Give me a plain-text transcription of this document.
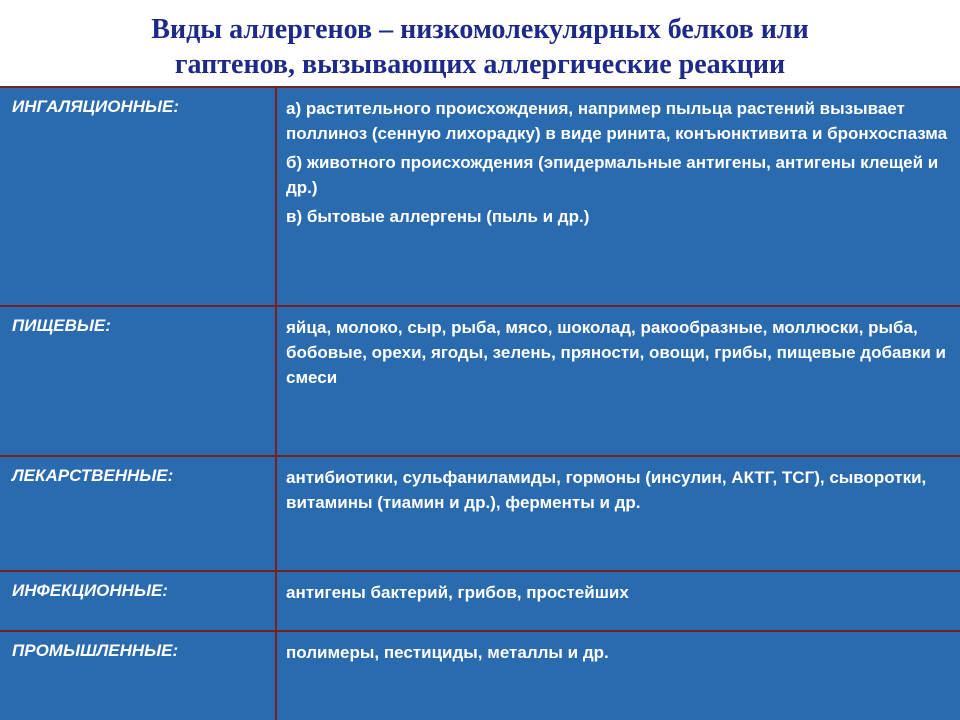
Виды аллергенов – низкомолекулярных белков или
гаптенов, вызывающих аллергические реакции
ИНГАЛЯЦИОННЫЕ:	а) растительного происхождения, например пыльца растений вызывает поллиноз (сенную лихорадку) в виде ринита, конъюнктивита и бронхоспазма
б) животного происхождения (эпидермальные антигены, антигены клещей и др.)
в) бытовые аллергены (пыль и др.)
ПИЩЕВЫЕ:	яйца, молоко, сыр, рыба, мясо, шоколад, ракообразные, моллюски, рыба, бобовые, орехи, ягоды, зелень, пряности, овощи, грибы, пищевые добавки и смеси
ЛЕКАРСТВЕННЫЕ:	антибиотики, сульфаниламиды, гормоны (инсулин, АКТГ, ТСГ), сыворотки, витамины (тиамин и др.), ферменты и др.
ИНФЕКЦИОННЫЕ:	антигены бактерий, грибов, простейших
ПРОМЫШЛЕННЫЕ:	полимеры, пестициды, металлы и др.
